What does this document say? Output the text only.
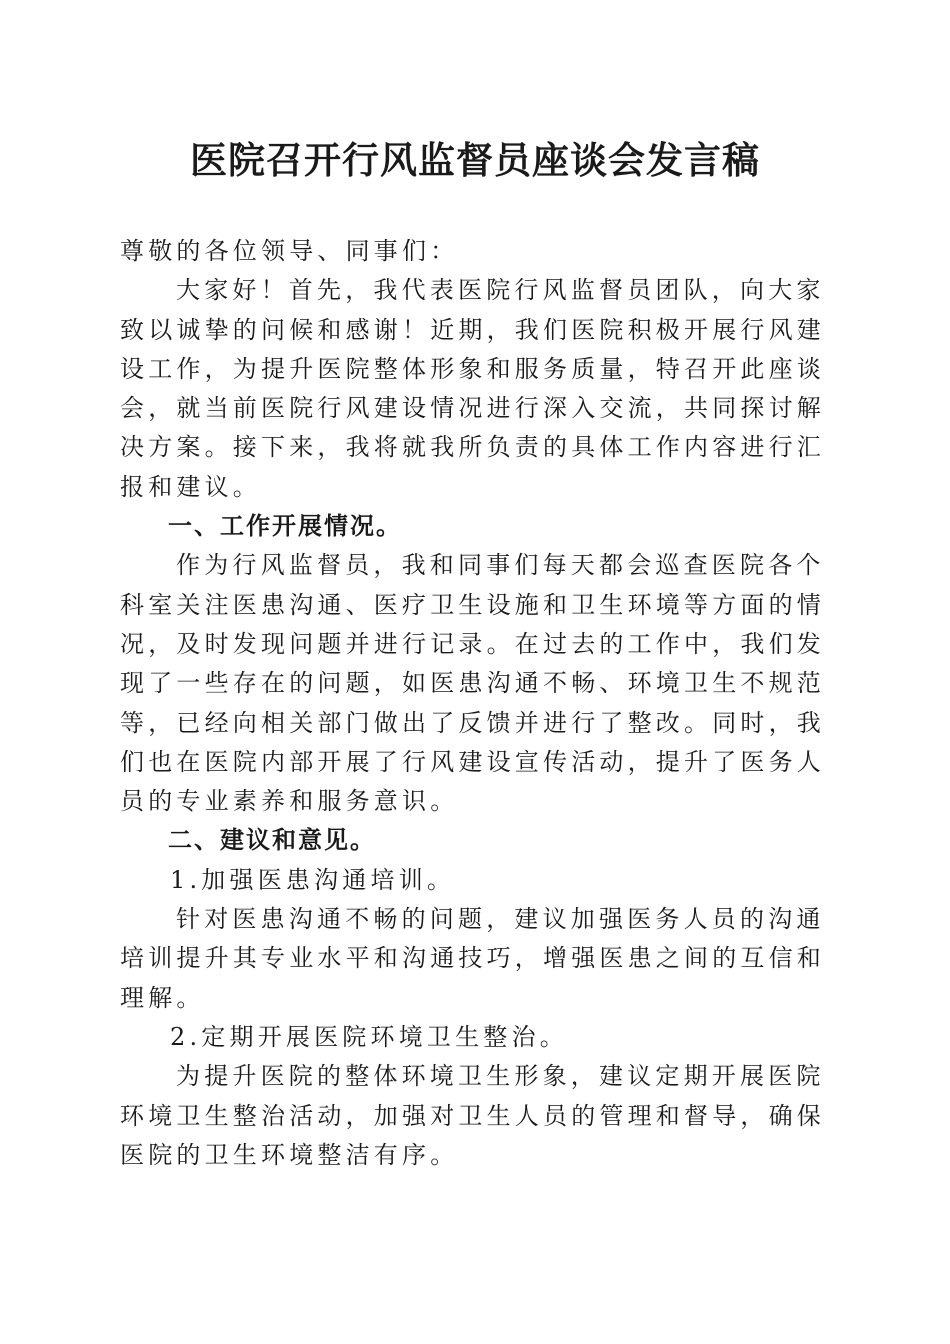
医院召开行风监督员座谈会发言稿

尊敬的各位领导、同事们：

大家好！首先，我代表医院行风监督员团队，向大家致以诚挚的问候和感谢！近期，我们医院积极开展行风建设工作，为提升医院整体形象和服务质量，特召开此座谈会，就当前医院行风建设情况进行深入交流，共同探讨解决方案。接下来，我将就我所负责的具体工作内容进行汇报和建议。

一、工作开展情况。

作为行风监督员，我和同事们每天都会巡查医院各个科室关注医患沟通、医疗卫生设施和卫生环境等方面的情况，及时发现问题并进行记录。在过去的工作中，我们发现了一些存在的问题，如医患沟通不畅、环境卫生不规范等，已经向相关部门做出了反馈并进行了整改。同时，我们也在医院内部开展了行风建设宣传活动，提升了医务人员的专业素养和服务意识。

二、建议和意见。

1.加强医患沟通培训。

针对医患沟通不畅的问题，建议加强医务人员的沟通培训提升其专业水平和沟通技巧，增强医患之间的互信和理解。

2.定期开展医院环境卫生整治。

为提升医院的整体环境卫生形象，建议定期开展医院环境卫生整治活动，加强对卫生人员的管理和督导，确保医院的卫生环境整洁有序。
